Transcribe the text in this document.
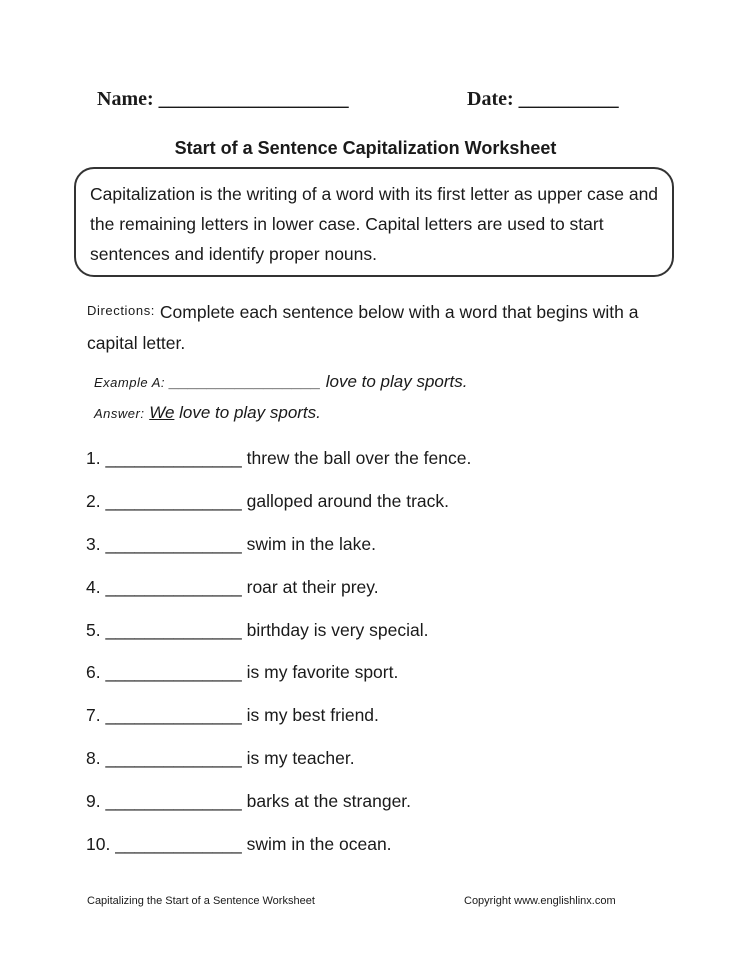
Name: ___________________	Date: __________
Start of a Sentence Capitalization Worksheet
Capitalization is the writing of a word with its first letter as upper case and the remaining letters in lower case. Capital letters are used to start sentences and identify proper nouns.
Directions: Complete each sentence below with a word that begins with a capital letter.
Example A: ________________ love to play sports.
Answer: We love to play sports.
1. ______________ threw the ball over the fence.
2. ______________ galloped around the track.
3. ______________ swim in the lake.
4. ______________ roar at their prey.
5. ______________ birthday is very special.
6. ______________ is my favorite sport.
7. ______________ is my best friend.
8. ______________ is my teacher.
9. ______________ barks at the stranger.
10. _____________ swim in the ocean.
Capitalizing the Start of a Sentence Worksheet	Copyright www.englishlinx.com
